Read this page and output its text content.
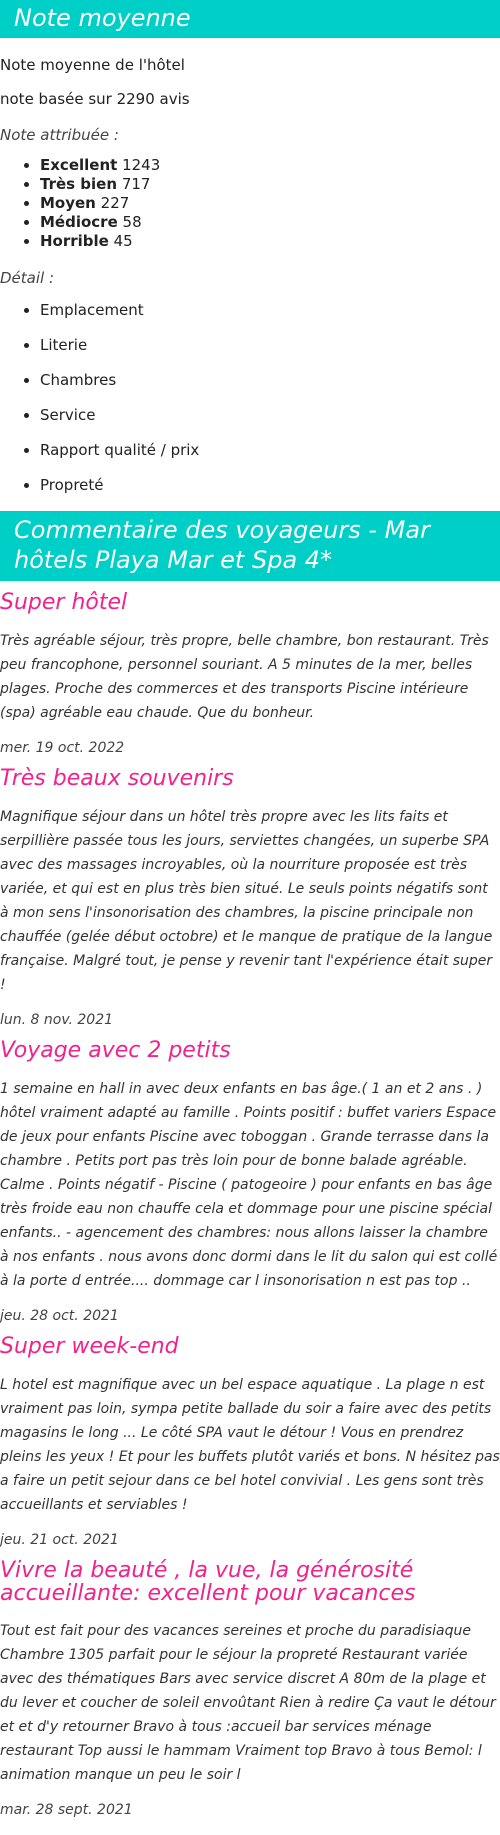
Note moyenne

Note moyenne de l'hôtel

note basée sur 2290 avis

Note attribuée :

• Excellent 1243
• Très bien 717
• Moyen 227
• Médiocre 58
• Horrible 45

Détail :

• Emplacement
• Literie
• Chambres
• Service
• Rapport qualité / prix
• Propreté
Commentaire des voyageurs - Mar hôtels Playa Mar et Spa 4*
Super hôtel

Très agréable séjour, très propre, belle chambre, bon restaurant. Très peu francophone, personnel souriant. A 5 minutes de la mer, belles plages. Proche des commerces et des transports Piscine intérieure (spa) agréable eau chaude. Que du bonheur.

mer. 19 oct. 2022

Très beaux souvenirs

Magnifique séjour dans un hôtel très propre avec les lits faits et serpillière passée tous les jours, serviettes changées, un superbe SPA avec des massages incroyables, où la nourriture proposée est très variée, et qui est en plus très bien situé. Le seuls points négatifs sont à mon sens l'insonorisation des chambres, la piscine principale non chauffée (gelée début octobre) et le manque de pratique de la langue française. Malgré tout, je pense y revenir tant l'expérience était super !

lun. 8 nov. 2021

Voyage avec 2 petits

1 semaine en hall in avec deux enfants en bas âge.( 1 an et 2 ans . ) hôtel vraiment adapté au famille . Points positif : buffet variers Espace de jeux pour enfants Piscine avec toboggan . Grande terrasse dans la chambre . Petits port pas très loin pour de bonne balade agréable. Calme . Points négatif - Piscine ( patogeoire ) pour enfants en bas âge très froide eau non chauffe cela et dommage pour une piscine spécial enfants.. - agencement des chambres: nous allons laisser la chambre à nos enfants . nous avons donc dormi dans le lit du salon qui est collé à la porte d entrée.... dommage car l insonorisation n est pas top ..

jeu. 28 oct. 2021

Super week-end

L hotel est magnifique avec un bel espace aquatique . La plage n est vraiment pas loin, sympa petite ballade du soir a faire avec des petits magasins le long ... Le côté SPA vaut le détour ! Vous en prendrez pleins les yeux ! Et pour les buffets plutôt variés et bons. N hésitez pas a faire un petit sejour dans ce bel hotel convivial . Les gens sont très accueillants et serviables !

jeu. 21 oct. 2021

Vivre la beauté , la vue, la générosité accueillante: excellent pour vacances

Tout est fait pour des vacances sereines et proche du paradisiaque Chambre 1305 parfait pour le séjour la propreté Restaurant variée avec des thématiques Bars avec service discret A 80m de la plage et du lever et coucher de soleil envoûtant Rien à redire Ça vaut le détour et et d'y retourner Bravo à tous :accueil bar services ménage restaurant Top aussi le hammam Vraiment top Bravo à tous Bemol: l animation manque un peu le soir l

mar. 28 sept. 2021
